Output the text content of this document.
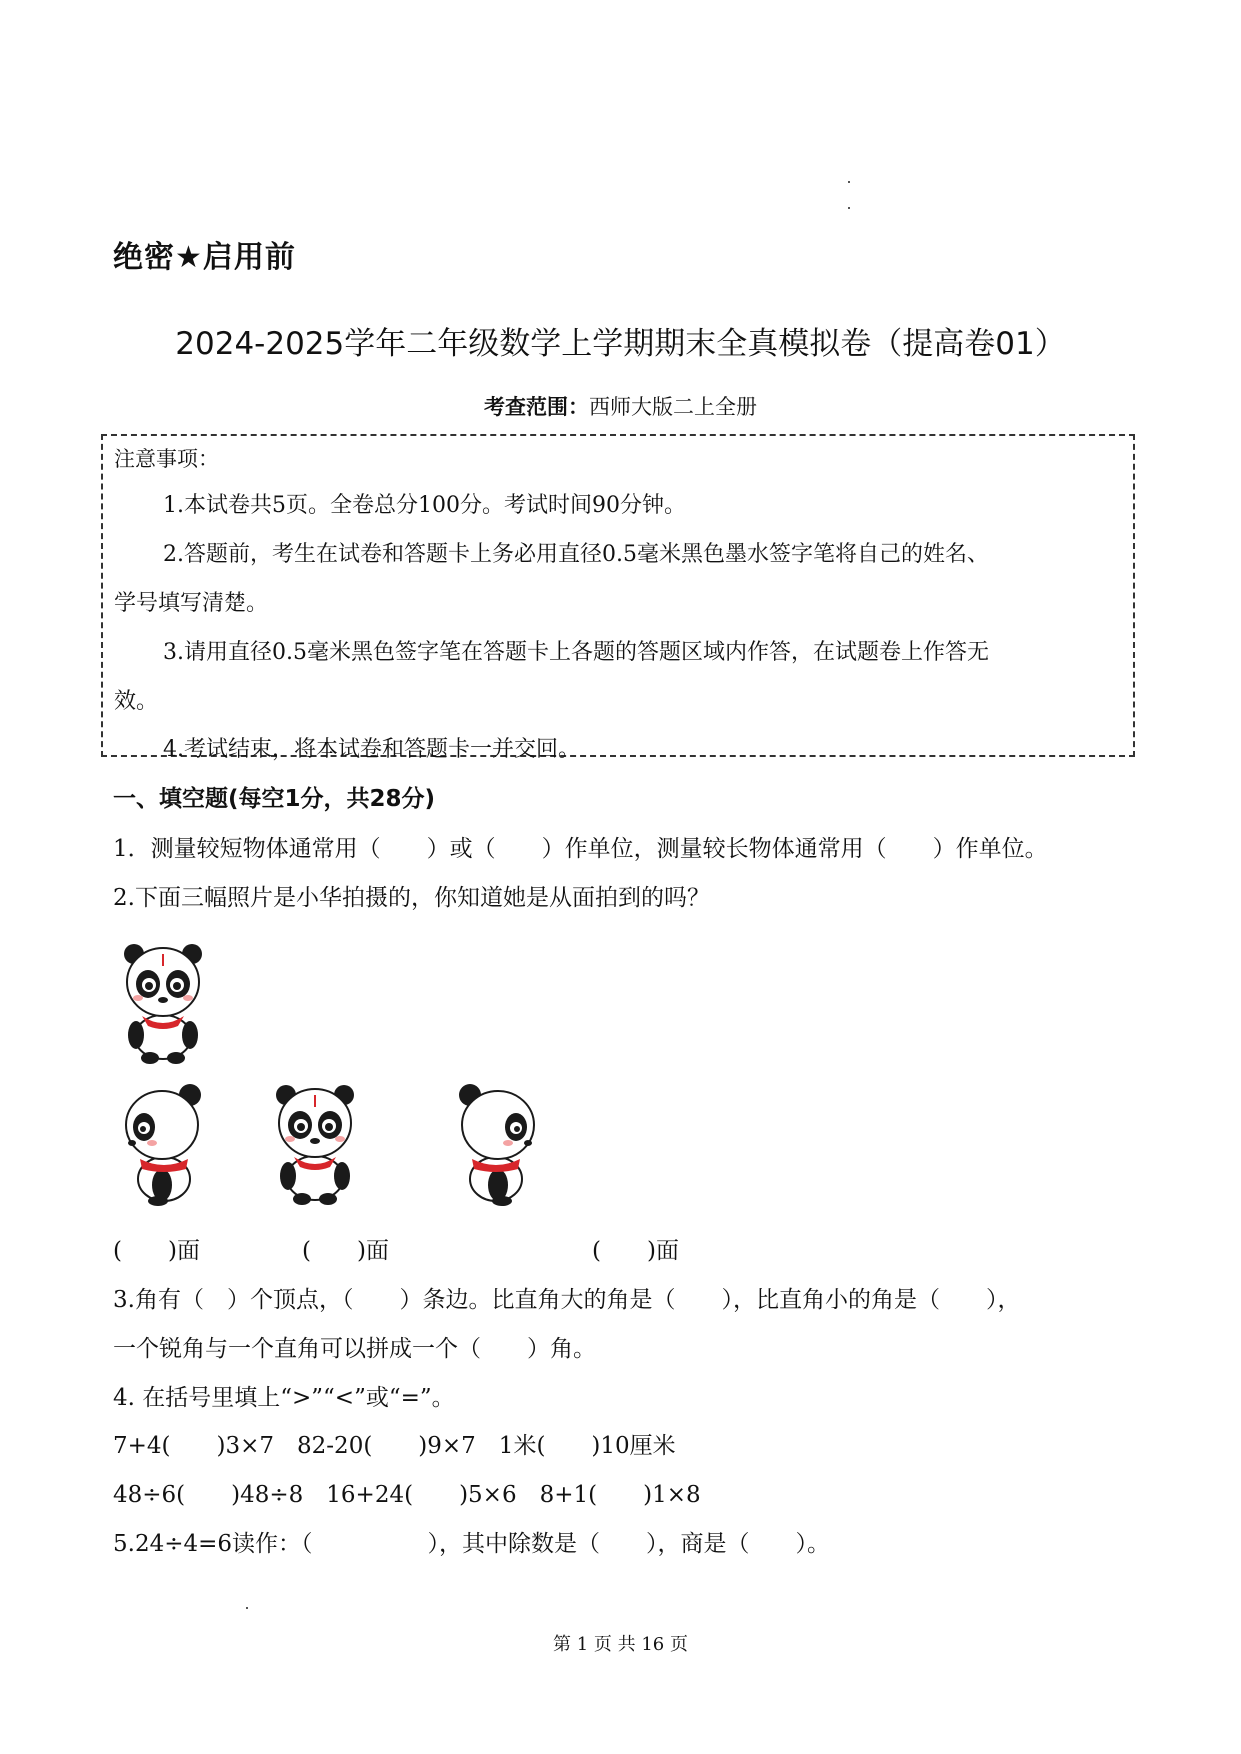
绝密★启用前
2024-2025学年二年级数学上学期期末全真模拟卷（提高卷01）
考查范围：西师大版二上全册
注意事项：
1.本试卷共5页。全卷总分100分。考试时间90分钟。
2.答题前，考生在试卷和答题卡上务必用直径0.5毫米黑色墨水签字笔将自己的姓名、
学号填写清楚。
3.请用直径0.5毫米黑色签字笔在答题卡上各题的答题区域内作答，在试题卷上作答无
效。
4.考试结束，将本试卷和答题卡一并交回。
一、填空题(每空1分，共28分)
1．测量较短物体通常用（　　）或（　　）作单位，测量较长物体通常用（　　）作单位。
2.下面三幅照片是小华拍摄的，你知道她是从面拍到的吗？
(　　)面	(　　)面	(　　)面
3.角有（　）个顶点，（　　）条边。比直角大的角是（　　），比直角小的角是（　　），
一个锐角与一个直角可以拼成一个（　　）角。
4. 在括号里填上“>”“<”或“=”。
7+4(　　)3×7　82-20(　　)9×7　1米(　　)10厘米
48÷6(　　)48÷8　16+24(　　)5×6　8+1(　　)1×8
5.24÷4=6读作：（　　　　　），其中除数是（　　），商是（　　）。
第 1 页 共 16 页
